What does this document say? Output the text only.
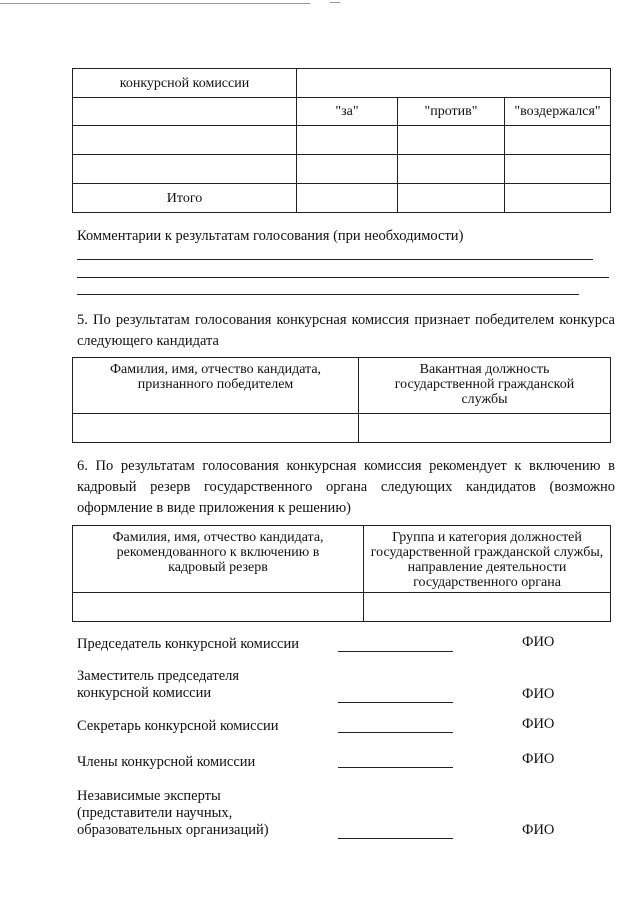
конкурсной комиссии			
	"за"	"против"	"воздержался"

Итого			
Комментарии к результатам голосования (при необходимости)
5. По результатам голосования конкурсная комиссия признает победителем конкурса следующего кандидата
Фамилия, имя, отчество кандидата, признанного победителем	Вакантная должность государственной гражданской службы

6. По результатам голосования конкурсная комиссия рекомендует к включению в кадровый резерв государственного органа следующих кандидатов (возможно оформление в виде приложения к решению)
Фамилия, имя, отчество кандидата, рекомендованного к включению в кадровый резерв	Группа и категория должностей государственной гражданской службы, направление деятельности государственного органа

Председатель конкурсной комиссии	ФИО
Заместитель председателя
конкурсной комиссии	ФИО
Секретарь конкурсной комиссии	ФИО
Члены конкурсной комиссии	ФИО
Независимые эксперты
(представители научных,
образовательных организаций)	ФИО
